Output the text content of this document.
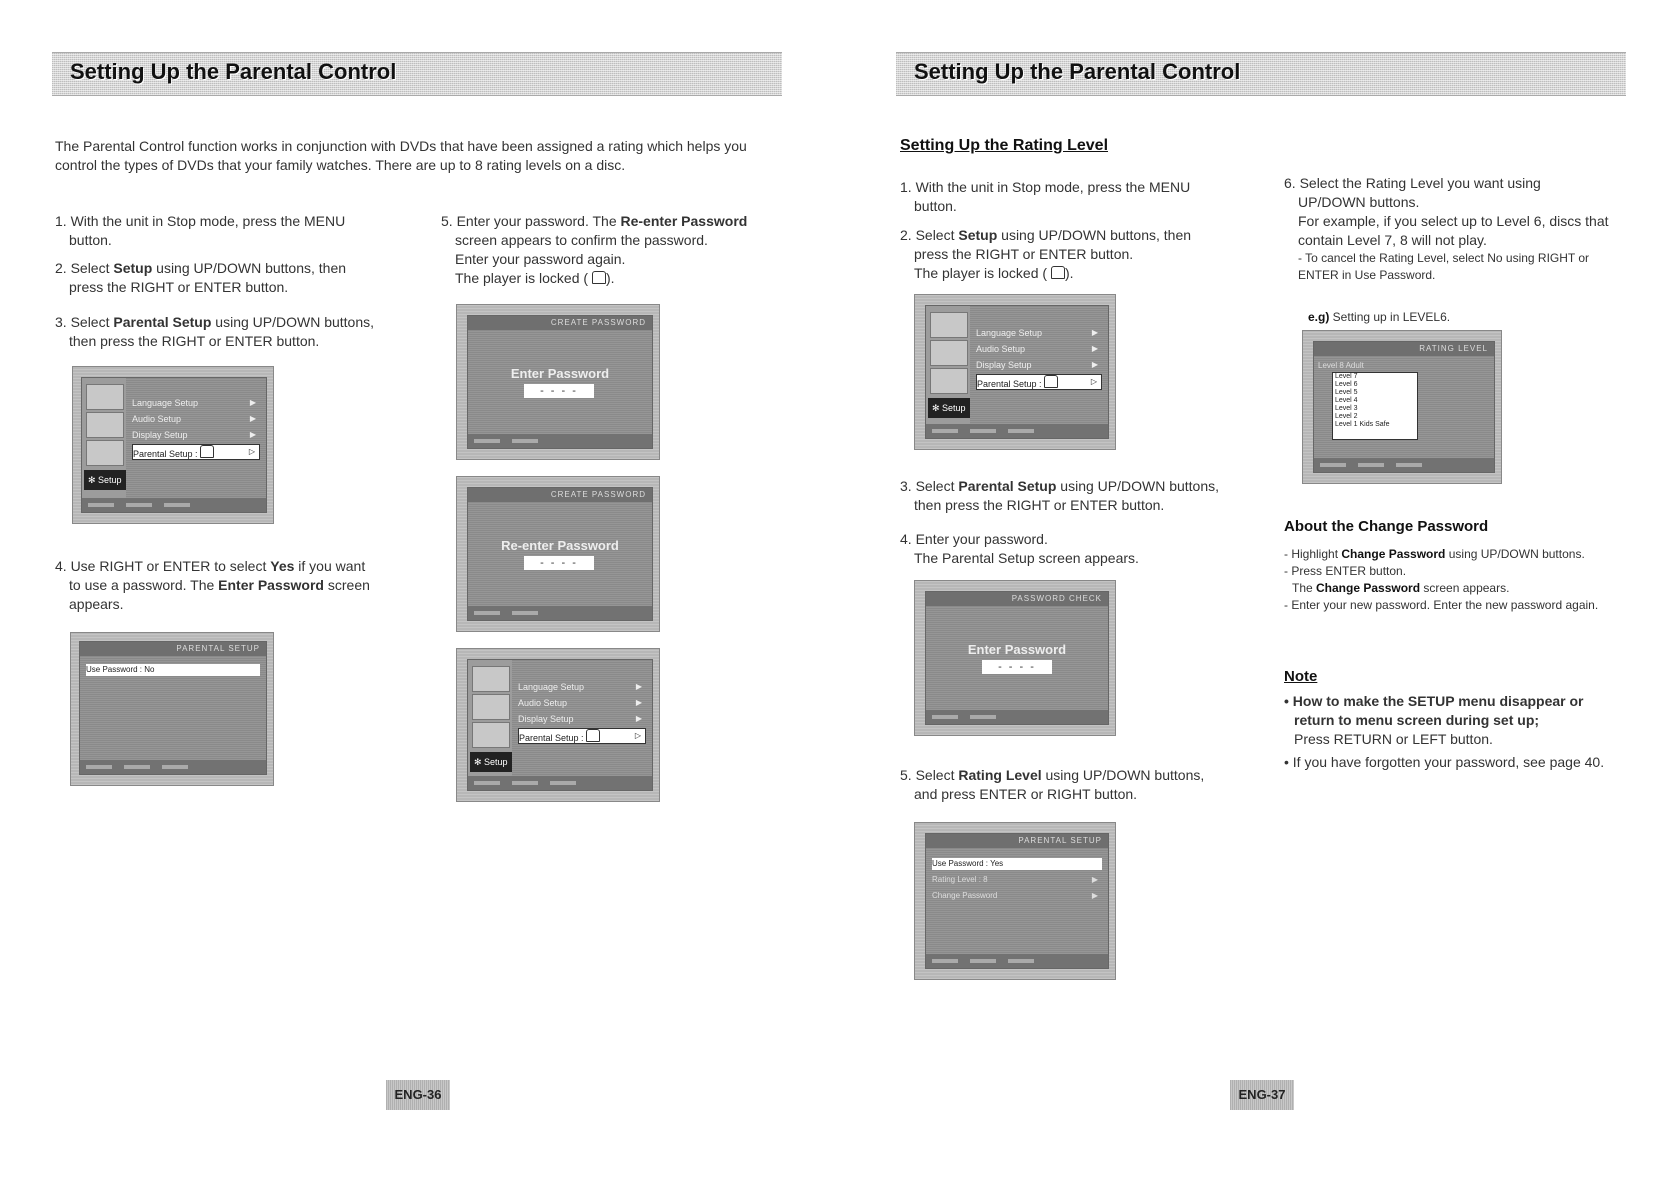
Setting Up the Parental Control
The Parental Control function works in conjunction with DVDs that have been assigned a rating which helps you
control the types of DVDs that your family watches. There are up to 8 rating levels on a disc.
1. With the unit in Stop mode, press the MENU

button.
2. Select Setup using UP/DOWN buttons, then

press the RIGHT or ENTER button.
3. Select Parental Setup using UP/DOWN buttons,

then press the RIGHT or ENTER button.
✻ Setup
Language Setup	▶
Audio Setup	▶
Display Setup	▶
Parental Setup :	▷
4. Use RIGHT or ENTER to select Yes if you want

to use a password. The Enter Password screen
appears.
PARENTAL SETUP
Use Password : No
5. Enter your password. The Re-enter Password

screen appears to confirm the password.
Enter your password again.
The player is locked ( ).
CREATE PASSWORD
Enter Password
- - - -
CREATE PASSWORD
Re-enter Password
- - - -
✻ Setup
Language Setup	▶
Audio Setup	▶
Display Setup	▶
Parental Setup :	▷
ENG-36
Setting Up the Parental Control
Setting Up the Rating Level
1. With the unit in Stop mode, press the MENU

button.
2. Select Setup using UP/DOWN buttons, then

press the RIGHT or ENTER button.
The player is locked ( ).
✻ Setup
Language Setup	▶
Audio Setup	▶
Display Setup	▶
Parental Setup :	▷
3. Select Parental Setup using UP/DOWN buttons,

then press the RIGHT or ENTER button.
4. Enter your password.

The Parental Setup screen appears.
PASSWORD CHECK
Enter Password
- - - -
5. Select Rating Level using UP/DOWN buttons,

and press ENTER or RIGHT button.
PARENTAL SETUP
Use Password : Yes
Rating Level : 8	▶
Change Password	▶
6. Select the Rating Level you want using

UP/DOWN buttons.
For example, if you select up to Level 6, discs that
contain Level 7, 8 will not play.
- To cancel the Rating Level, select No using RIGHT or
ENTER in Use Password.
e.g) Setting up in LEVEL6.
RATING LEVEL
Level 8 Adult
Level 7
Level 6
Level 5
Level 4
Level 3
Level 2
Level 1 Kids Safe
About the Change Password
- Highlight Change Password using UP/DOWN buttons.
- Press ENTER button.
The Change Password screen appears.
- Enter your new password. Enter the new password again.
Note
• How to make the SETUP menu disappear or
return to menu screen during set up;
Press RETURN or LEFT button.

• If you have forgotten your password, see page 40.
ENG-37
